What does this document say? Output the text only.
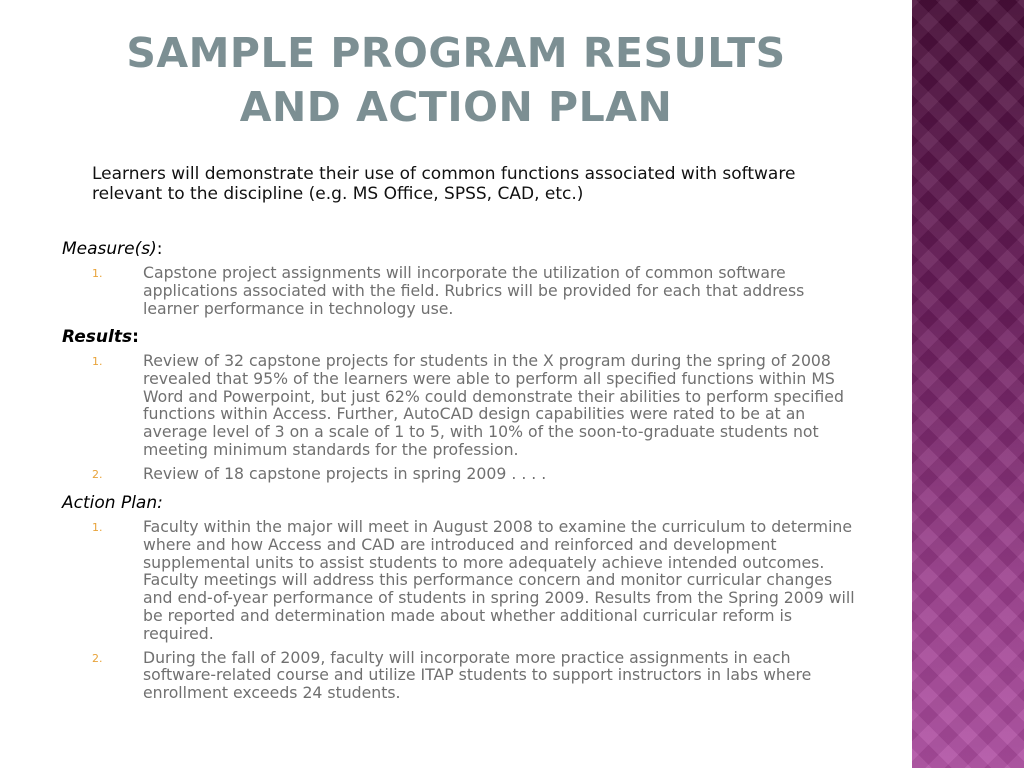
SAMPLE PROGRAM RESULTS
AND ACTION PLAN

Learners will demonstrate their use of common functions associated with software relevant to the discipline (e.g. MS Office, SPSS, CAD, etc.)

Measure(s):
1.	Capstone project assignments will incorporate the utilization of common software applications associated with the field. Rubrics will be provided for each that address learner performance in technology use.
Results:
1.	Review of 32 capstone projects for students in the X program during the spring of 2008 revealed that 95% of the learners were able to perform all specified functions within MS Word and Powerpoint, but just 62% could demonstrate their abilities to perform specified functions within Access. Further, AutoCAD design capabilities were rated to be at an average level of 3 on a scale of 1 to 5, with 10% of the soon-to-graduate students not meeting minimum standards for the profession.
2.	Review of 18 capstone projects in spring 2009 . . . .
Action Plan:
1.	Faculty within the major will meet in August 2008 to examine the curriculum to determine where and how Access and CAD are introduced and reinforced and development supplemental units to assist students to more adequately achieve intended outcomes. Faculty meetings will address this performance concern and monitor curricular changes and end-of-year performance of students in spring 2009. Results from the Spring 2009 will be reported and determination made about whether additional curricular reform is required.
2.	During the fall of 2009, faculty will incorporate more practice assignments in each software-related course and utilize ITAP students to support instructors in labs where enrollment exceeds 24 students.
